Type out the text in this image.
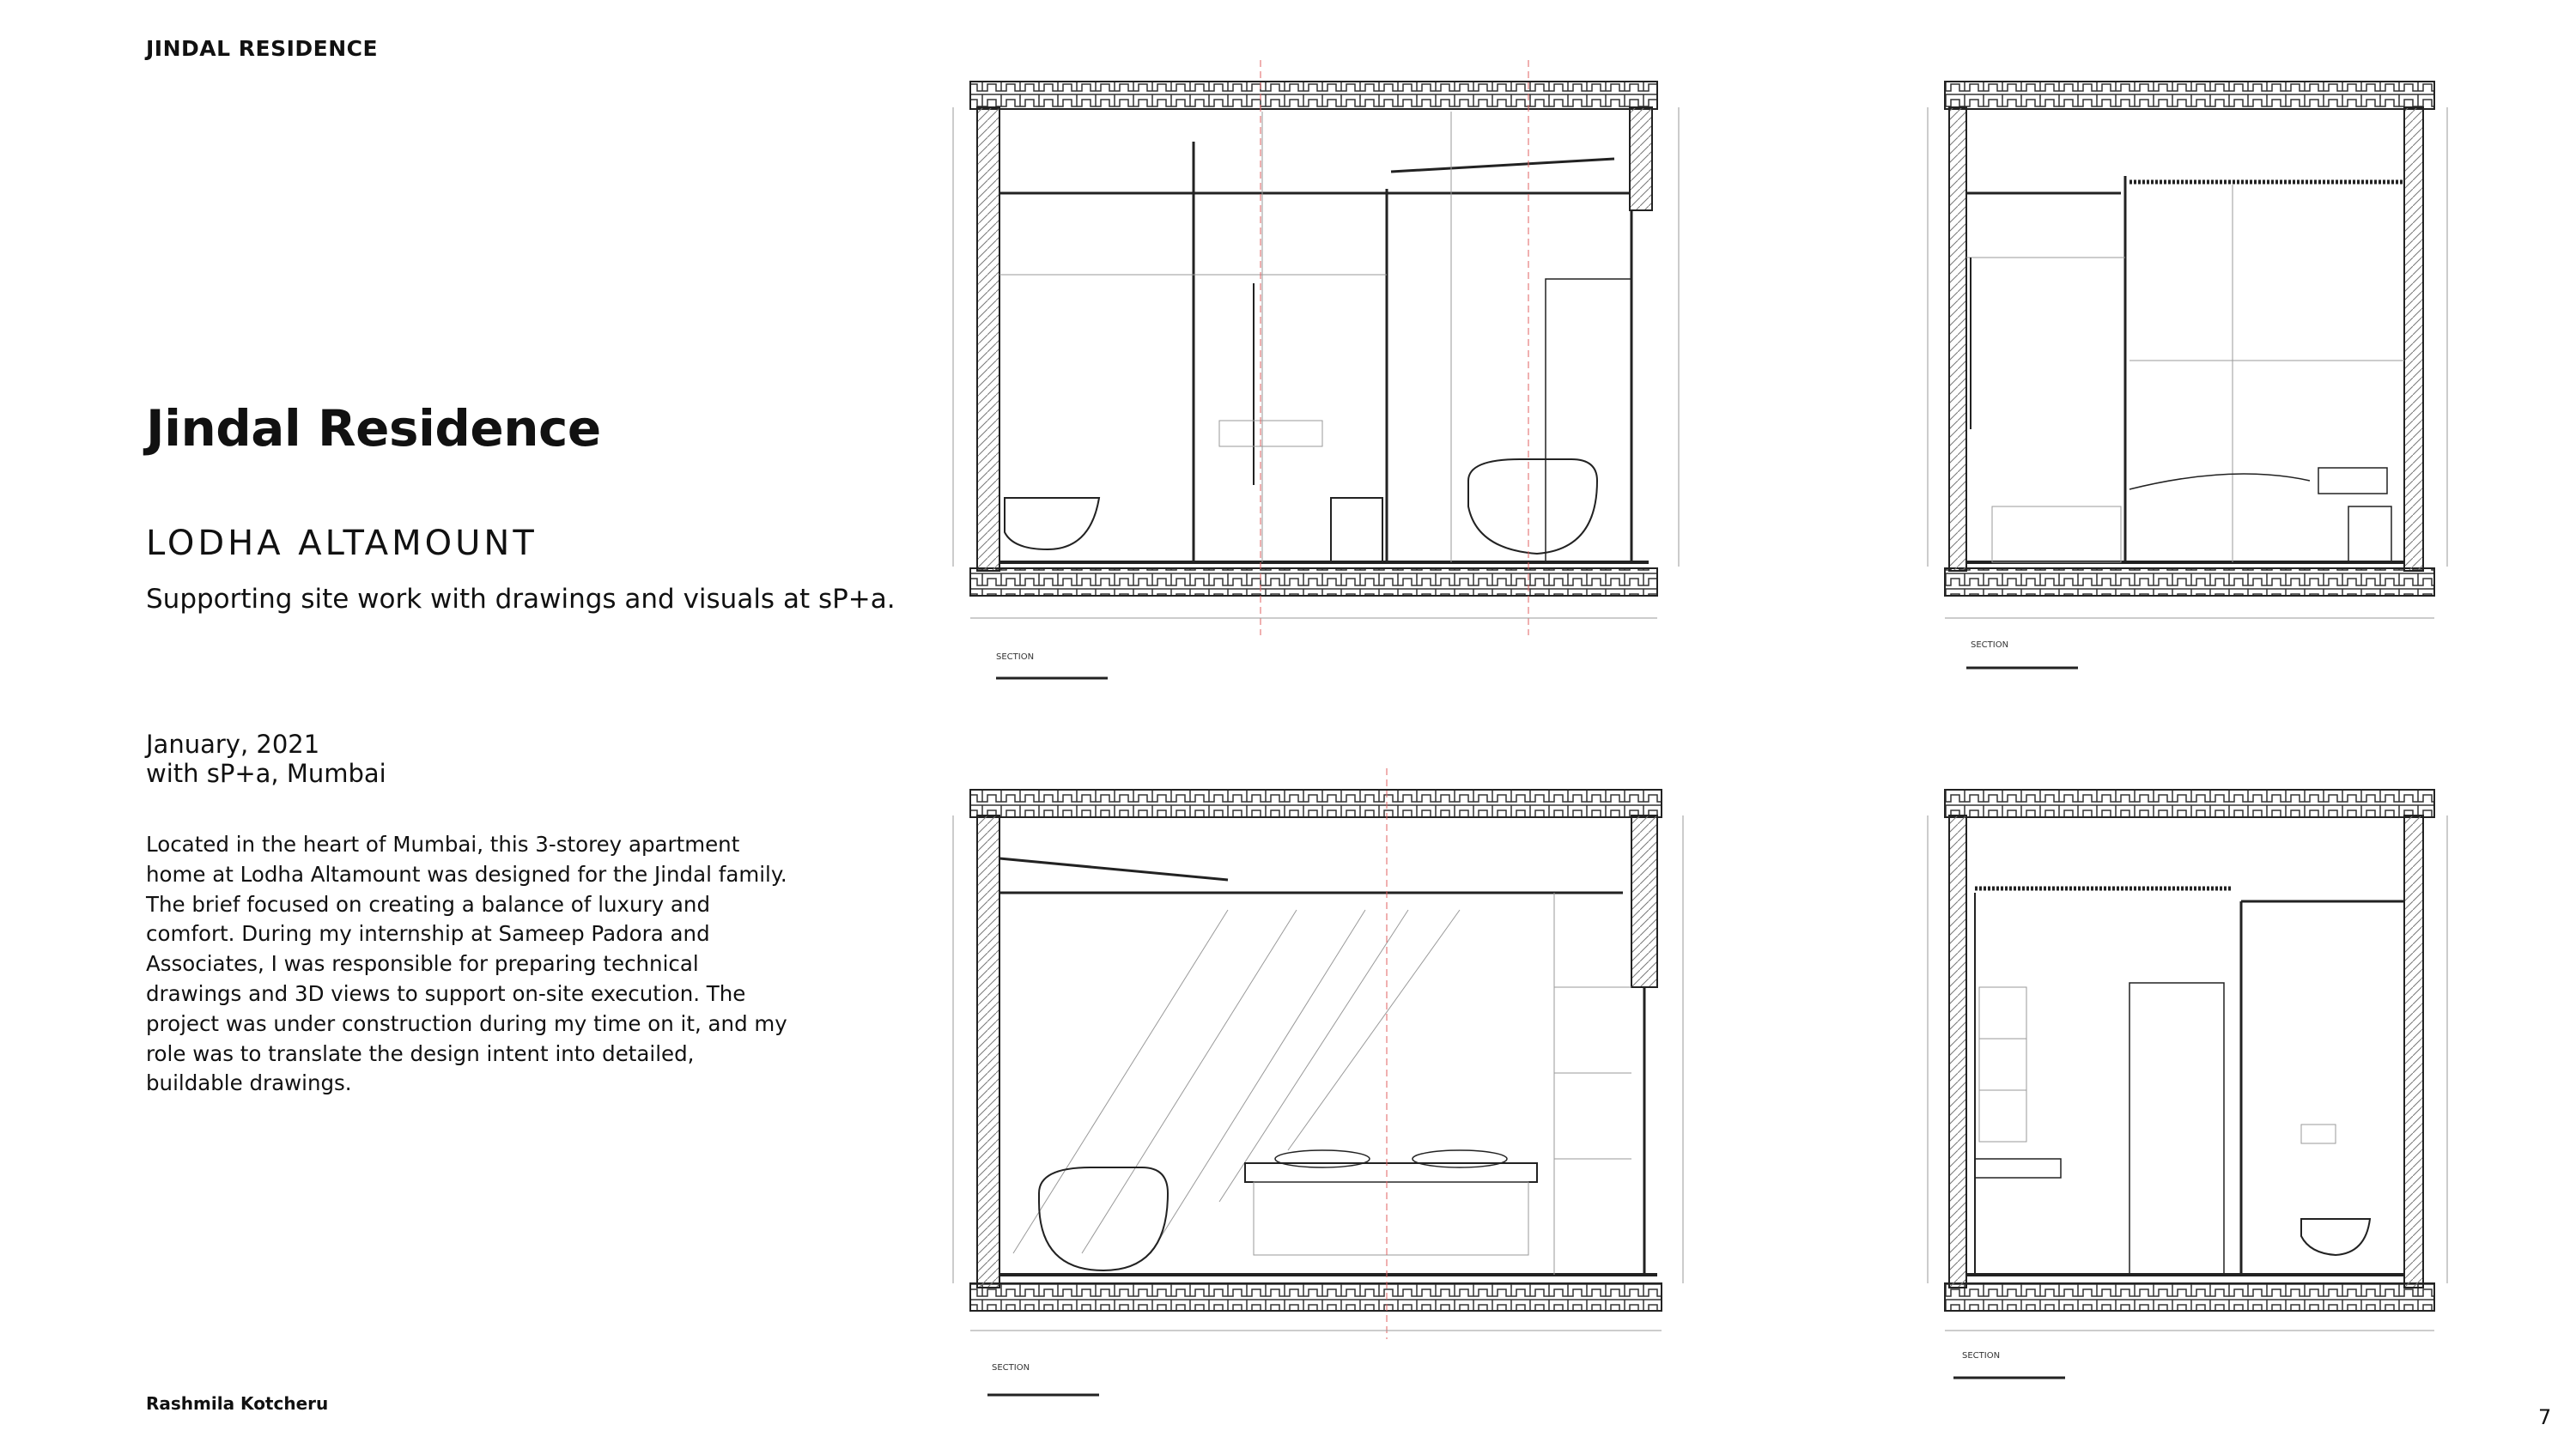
JINDAL RESIDENCE
Jindal Residence
LODHA ALTAMOUNT
Supporting site work with drawings and visuals at sP+a.
January, 2021
with sP+a, Mumbai
Located in the heart of Mumbai, this 3-storey apartment
home at Lodha Altamount was designed for the Jindal family.
The brief focused on creating a balance of luxury and
comfort. During my internship at Sameep Padora and
Associates, I was responsible for preparing technical
drawings and 3D views to support on-site execution. The
project was under construction during my time on it, and my
role was to translate the design intent into detailed,
buildable drawings.
Rashmila Kotcheru
7
SECTION
SECTION
SECTION
SECTION
